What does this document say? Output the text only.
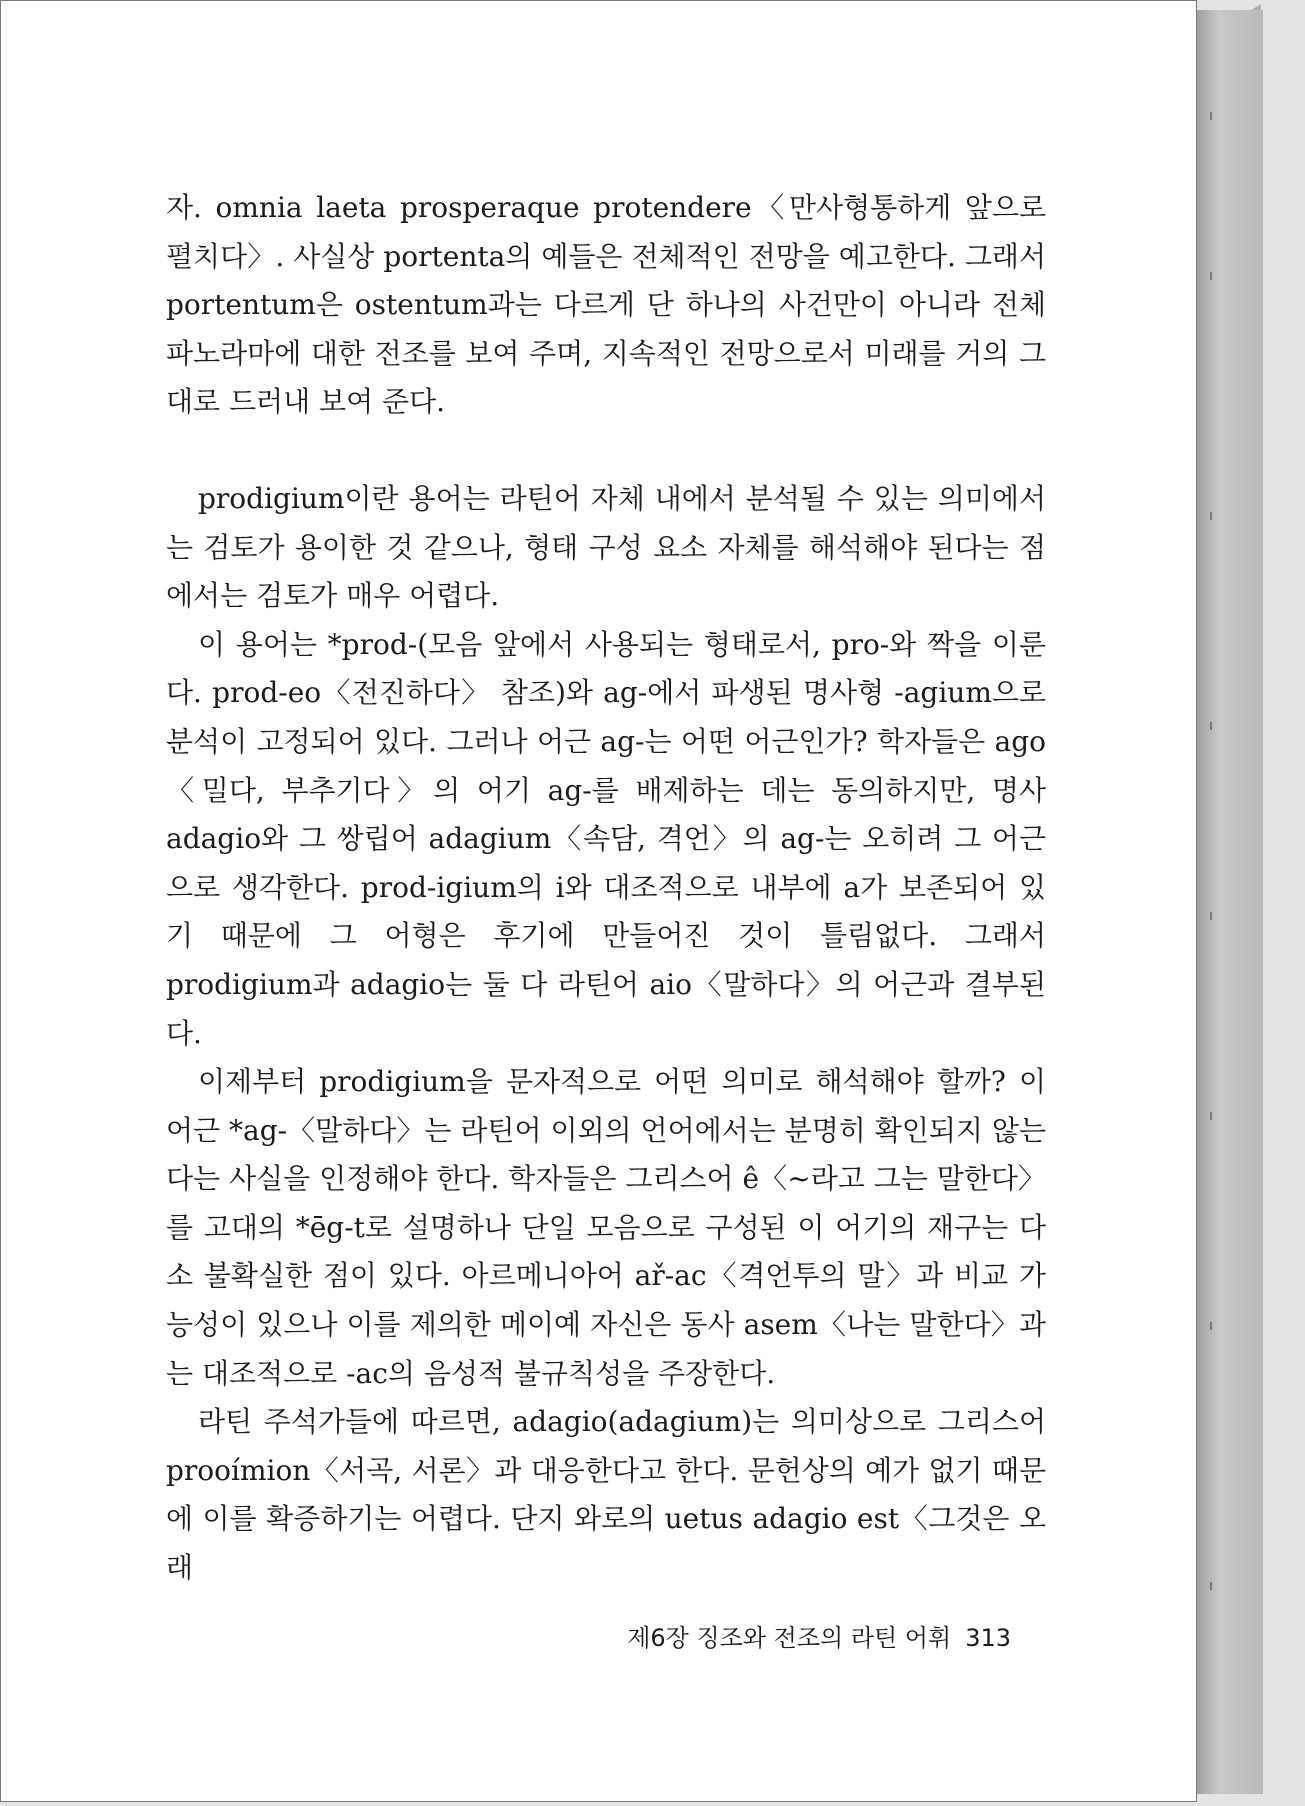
자. omnia laeta prosperaque protendere〈만사형통하게 앞으로 펼치다〉. 사실상 portenta의 예들은 전체적인 전망을 예고한다. 그래서 portentum은 ostentum과는 다르게 단 하나의 사건만이 아니라 전체 파노라마에 대한 전조를 보여 주며, 지속적인 전망으로서 미래를 거의 그대로 드러내 보여 준다.

prodigium이란 용어는 라틴어 자체 내에서 분석될 수 있는 의미에서는 검토가 용이한 것 같으나, 형태 구성 요소 자체를 해석해야 된다는 점에서는 검토가 매우 어렵다.

이 용어는 *prod-(모음 앞에서 사용되는 형태로서, pro-와 짝을 이룬다. prod-eo〈전진하다〉 참조)와 ag-에서 파생된 명사형 -agium으로 분석이 고정되어 있다. 그러나 어근 ag-는 어떤 어근인가? 학자들은 ago〈밀다, 부추기다〉의 어기 ag-를 배제하는 데는 동의하지만, 명사 adagio와 그 쌍립어 adagium〈속담, 격언〉의 ag-는 오히려 그 어근으로 생각한다. prod-igium의 i와 대조적으로 내부에 a가 보존되어 있기 때문에 그 어형은 후기에 만들어진 것이 틀림없다. 그래서 prodigium과 adagio는 둘 다 라틴어 aio〈말하다〉의 어근과 결부된다.

이제부터 prodigium을 문자적으로 어떤 의미로 해석해야 할까? 이 어근 *ag-〈말하다〉는 라틴어 이외의 언어에서는 분명히 확인되지 않는다는 사실을 인정해야 한다. 학자들은 그리스어 ê〈~라고 그는 말한다〉를 고대의 *ēg-t로 설명하나 단일 모음으로 구성된 이 어기의 재구는 다소 불확실한 점이 있다. 아르메니아어 ař-ac〈격언투의 말〉과 비교 가능성이 있으나 이를 제의한 메이예 자신은 동사 asem〈나는 말한다〉과는 대조적으로 -ac의 음성적 불규칙성을 주장한다.

라틴 주석가들에 따르면, adagio(adagium)는 의미상으로 그리스어 prooímion〈서곡, 서론〉과 대응한다고 한다. 문헌상의 예가 없기 때문에 이를 확증하기는 어렵다. 단지 와로의 uetus adagio est〈그것은 오래

제6장 징조와 전조의 라틴 어휘 313
